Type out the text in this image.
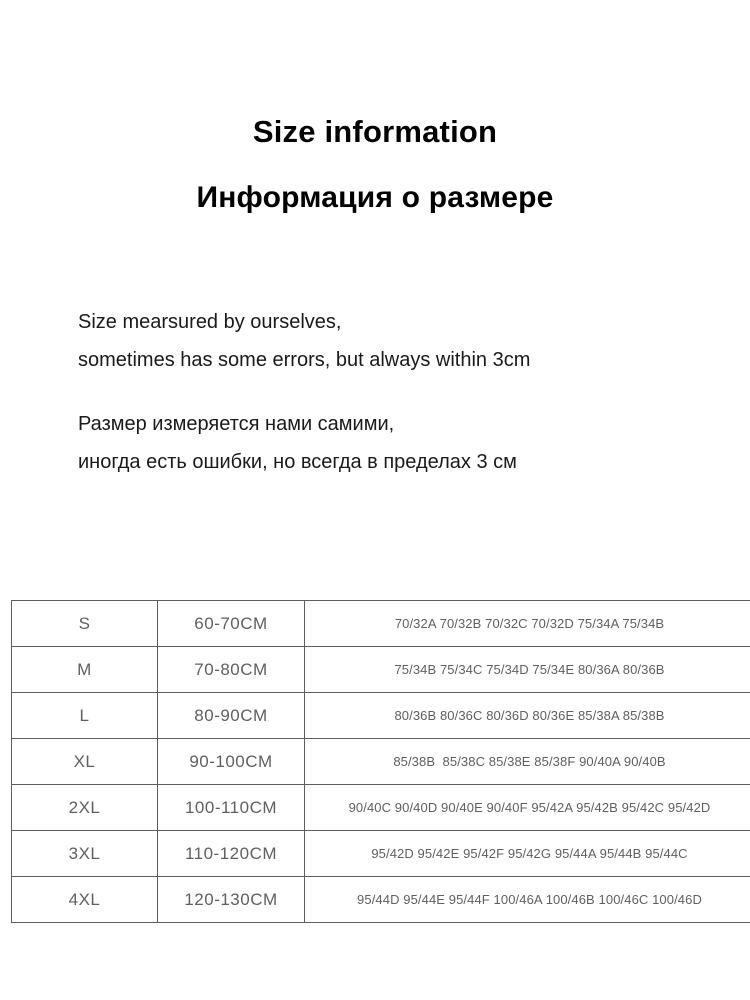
Size information
Информация о размере

Size mearsured by ourselves,

sometimes has some errors, but always within 3cm

Размер измеряется нами самими,

иногда есть ошибки, но всегда в пределах 3 см

S	60-70CM	70/32A 70/32B 70/32C 70/32D 75/34A 75/34B
M	70-80CM	75/34B 75/34C 75/34D 75/34E 80/36A 80/36B
L	80-90CM	80/36B 80/36C 80/36D 80/36E 85/38A 85/38B
XL	90-100CM	85/38B  85/38C 85/38E 85/38F 90/40A 90/40B
2XL	100-110CM	90/40C 90/40D 90/40E 90/40F 95/42A 95/42B 95/42C 95/42D
3XL	110-120CM	95/42D 95/42E 95/42F 95/42G 95/44A 95/44B 95/44C
4XL	120-130CM	95/44D 95/44E 95/44F 100/46A 100/46B 100/46C 100/46D
